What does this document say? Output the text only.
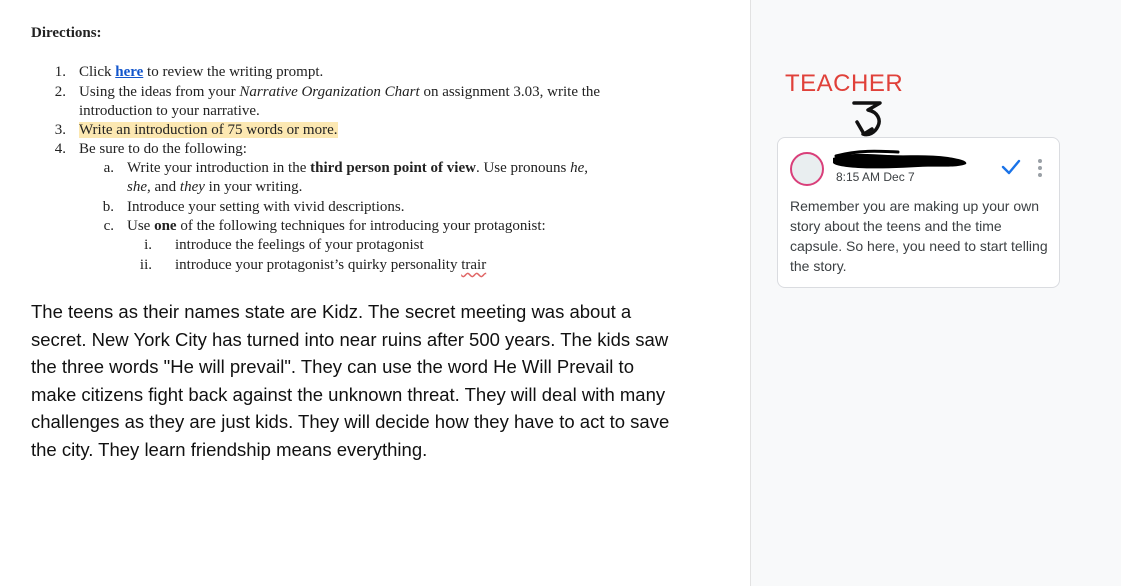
Directions:
1. Click here to review the writing prompt.
2. Using the ideas from your Narrative Organization Chart on assignment 3.03, write the
introduction to your narrative.
3. Write an introduction of 75 words or more.
4. Be sure to do the following:
a. Write your introduction in the third person point of view. Use pronouns he,
she, and they in your writing.
b. Introduce your setting with vivid descriptions.
c. Use one of the following techniques for introducing your protagonist:
i. introduce the feelings of your protagonist
ii. introduce your protagonist’s quirky personality trair
The teens as their names state are Kidz. The secret meeting was about a
secret. New York City has turned into near ruins after 500 years. The kids saw
the three words "He will prevail". They can use the word He Will Prevail to
make citizens fight back against the unknown threat. They will deal with many
challenges as they are just kids. They will decide how they have to act to save
the city. They learn friendship means everything.
TEACHER
8:15 AM Dec 7
Remember you are making up your own story about the teens and the time capsule. So here, you need to start telling the story.
